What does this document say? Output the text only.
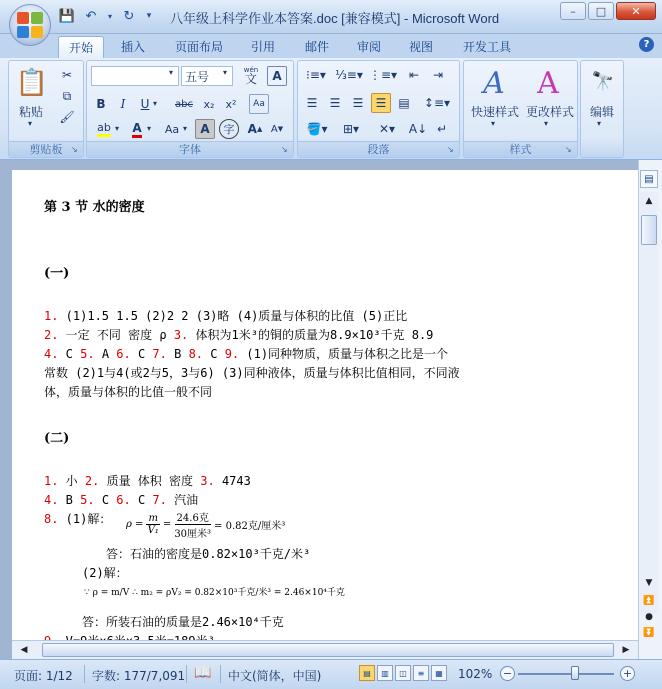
💾 ↶	▾ ↻	▾ 八年级上科学作业本答案.doc [兼容模式] - Microsoft Word	–	□	✕
开始	插入	页面布局	引用	邮件	审阅	视图	开发工具	?
📋
粘贴
▾
✂
⧉
🖌
剪贴板	↘
▾ 五号 ▾ wén
文	A
B	I	U ▾	abc x₂	x²	Aa
ab ▾ A ▾	Aa ▾	A	字	A ▲ A ▼
字体	↘
⁝≡▾ ⅓≡▾ ⋮≡▾ ⇤	⇥
☰	☰	☰	☰ ▤	↕≡▾
🪣▾	⊞▾	✕▾	A↓ ↵
段落	↘
A
快速样式
▾
A
更改样式
▾
样式	↘
🔭
编辑
▾
▤
▲
▼
⏫
●
⏬
第 3 节 水的密度
(一)
1. (1)1.5 1.5 (2)2 2 (3)略 (4)质量与体积的比值 (5)正比
2. 一定 不同 密度 ρ 3. 体积为1米³的铜的质量为8.9×10³千克 8.9
4. C 5. A 6. C 7. B 8. C 9. (1)同种物质，质量与体积之比是一个
常数 (2)1与4(或2与5，3与6) (3)同种液体，质量与体积比值相同，不同液
体，质量与体积的比值一般不同
(二)
1. 小 2. 质量 体积 密度 3. 4743
4. B 5. C 6. C 7. 汽油
8. (1)解： $\rho = \frac{m}{\text{V₁}}$ =
24.6克
30厘米³
= 0.82克/厘米³
答：石油的密度是0.82×10³千克/米³
(2)解：
∵ ρ = m/V ∴ m₂ = ρV₂ = 0.82×10³千克/米³ = 2.46×10⁴千克
答：所装石油的质量是2.46×10⁴千克
◀	▶
页面: 1/12 字数: 177/7,091 📖 中文(简体，中国)	▤	▥	◫	≡	▦	102% −	+
